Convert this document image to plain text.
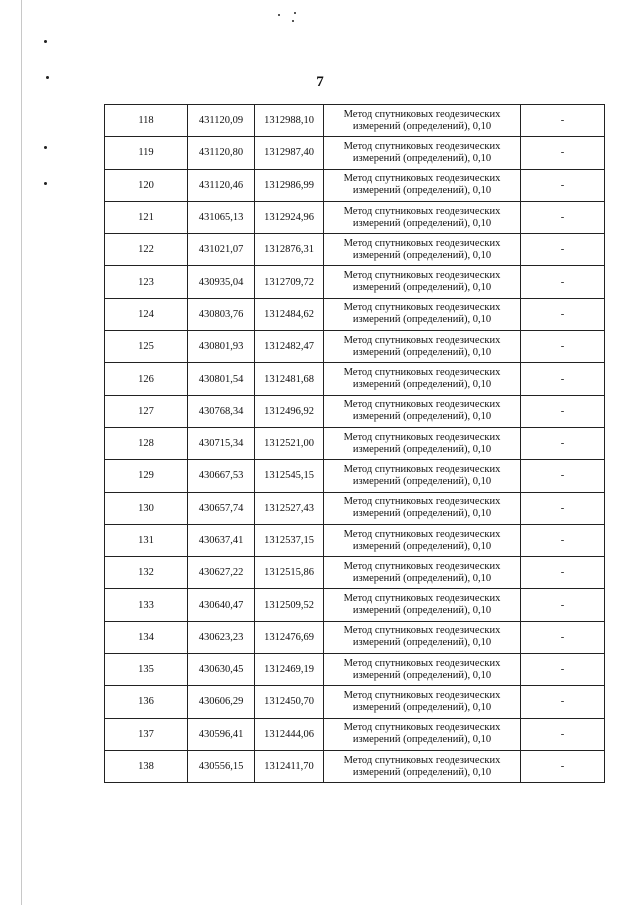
7
118	431120,09	1312988,10	Метод спутниковых геодезических
измерений (определений), 0,10	-
119	431120,80	1312987,40	Метод спутниковых геодезических
измерений (определений), 0,10	-
120	431120,46	1312986,99	Метод спутниковых геодезических
измерений (определений), 0,10	-
121	431065,13	1312924,96	Метод спутниковых геодезических
измерений (определений), 0,10	-
122	431021,07	1312876,31	Метод спутниковых геодезических
измерений (определений), 0,10	-
123	430935,04	1312709,72	Метод спутниковых геодезических
измерений (определений), 0,10	-
124	430803,76	1312484,62	Метод спутниковых геодезических
измерений (определений), 0,10	-
125	430801,93	1312482,47	Метод спутниковых геодезических
измерений (определений), 0,10	-
126	430801,54	1312481,68	Метод спутниковых геодезических
измерений (определений), 0,10	-
127	430768,34	1312496,92	Метод спутниковых геодезических
измерений (определений), 0,10	-
128	430715,34	1312521,00	Метод спутниковых геодезических
измерений (определений), 0,10	-
129	430667,53	1312545,15	Метод спутниковых геодезических
измерений (определений), 0,10	-
130	430657,74	1312527,43	Метод спутниковых геодезических
измерений (определений), 0,10	-
131	430637,41	1312537,15	Метод спутниковых геодезических
измерений (определений), 0,10	-
132	430627,22	1312515,86	Метод спутниковых геодезических
измерений (определений), 0,10	-
133	430640,47	1312509,52	Метод спутниковых геодезических
измерений (определений), 0,10	-
134	430623,23	1312476,69	Метод спутниковых геодезических
измерений (определений), 0,10	-
135	430630,45	1312469,19	Метод спутниковых геодезических
измерений (определений), 0,10	-
136	430606,29	1312450,70	Метод спутниковых геодезических
измерений (определений), 0,10	-
137	430596,41	1312444,06	Метод спутниковых геодезических
измерений (определений), 0,10	-
138	430556,15	1312411,70	Метод спутниковых геодезических
измерений (определений), 0,10	-
